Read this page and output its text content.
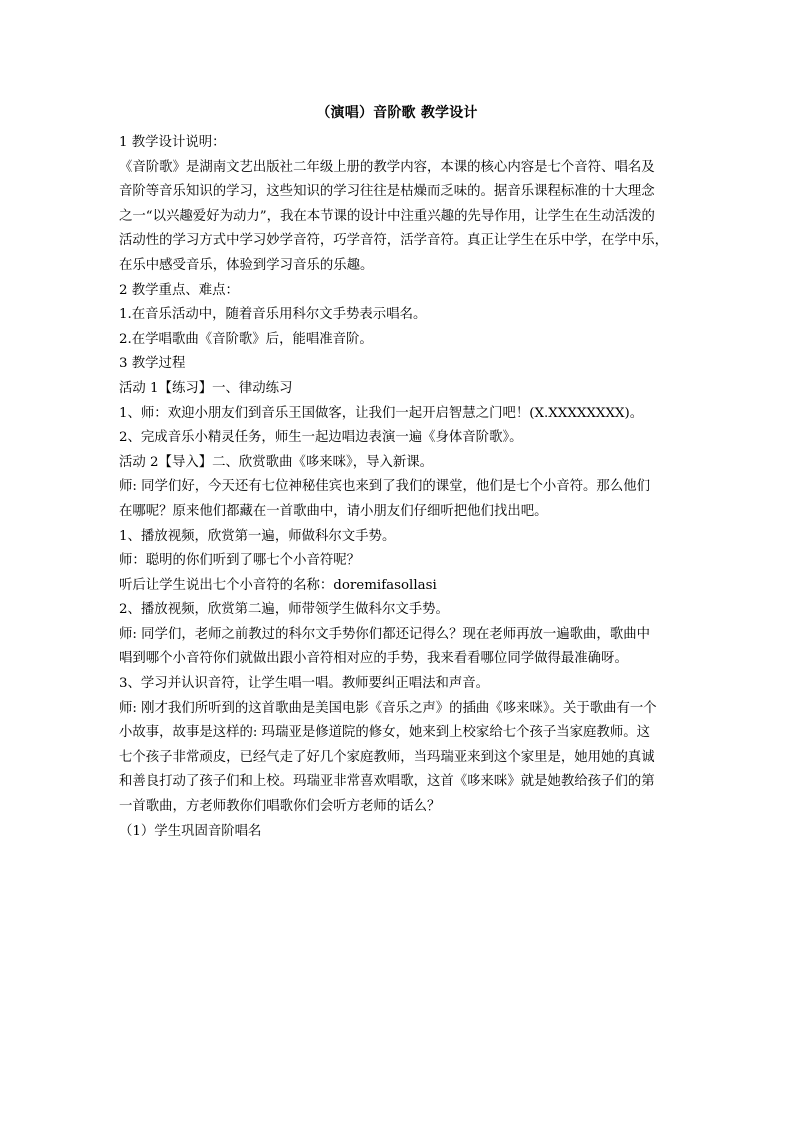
（演唱）音阶歌 教学设计
1 教学设计说明：
《音阶歌》是湖南文艺出版社二年级上册的教学内容，本课的核心内容是七个音符、唱名及
音阶等音乐知识的学习，这些知识的学习往往是枯燥而乏味的。据音乐课程标准的十大理念
之一“以兴趣爱好为动力”，我在本节课的设计中注重兴趣的先导作用，让学生在生动活泼的
活动性的学习方式中学习妙学音符，巧学音符，活学音符。真正让学生在乐中学，在学中乐，
在乐中感受音乐，体验到学习音乐的乐趣。
2 教学重点、难点：
1.在音乐活动中，随着音乐用科尔文手势表示唱名。
2.在学唱歌曲《音阶歌》后，能唱准音阶。
3 教学过程
活动 1【练习】一、律动练习
1、师：欢迎小朋友们到音乐王国做客，让我们一起开启智慧之门吧！(X.XXXXXXXX)。
2、完成音乐小精灵任务，师生一起边唱边表演一遍《身体音阶歌》。
活动 2【导入】二、欣赏歌曲《哆来咪》，导入新课。
师: 同学们好，今天还有七位神秘佳宾也来到了我们的课堂，他们是七个小音符。那么他们
在哪呢？原来他们都藏在一首歌曲中，请小朋友们仔细听把他们找出吧。
1、播放视频，欣赏第一遍，师做科尔文手势。
师：聪明的你们听到了哪七个小音符呢？
听后让学生说出七个小音符的名称：doremifasollasi
2、播放视频，欣赏第二遍，师带领学生做科尔文手势。
师: 同学们，老师之前教过的科尔文手势你们都还记得么？现在老师再放一遍歌曲，歌曲中
唱到哪个小音符你们就做出跟小音符相对应的手势，我来看看哪位同学做得最准确呀。
3、学习并认识音符，让学生唱一唱。教师要纠正唱法和声音。
师: 刚才我们所听到的这首歌曲是美国电影《音乐之声》的插曲《哆来咪》。关于歌曲有一个
小故事，故事是这样的: 玛瑞亚是修道院的修女，她来到上校家给七个孩子当家庭教师。这
七个孩子非常顽皮，已经气走了好几个家庭教师，当玛瑞亚来到这个家里是，她用她的真诚
和善良打动了孩子们和上校。玛瑞亚非常喜欢唱歌，这首《哆来咪》就是她教给孩子们的第
一首歌曲，方老师教你们唱歌你们会听方老师的话么？
（1）学生巩固音阶唱名
